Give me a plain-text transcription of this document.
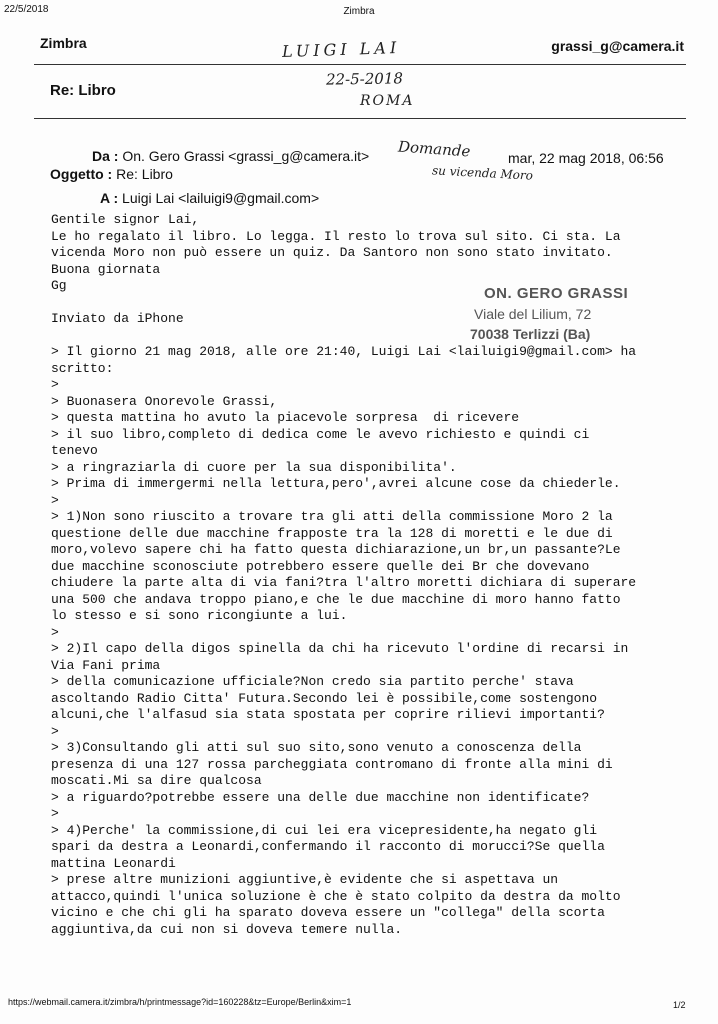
22/5/2018	Zimbra
Zimbra	grassi_g@camera.it
LUIGI LAI
22-5-2018
ROMA
Re: Libro
Da : On. Gero Grassi <grassi_g@camera.it>	mar, 22 mag 2018, 06:56
Domande
su vicenda Moro
Oggetto : Re: Libro
A : Luigi Lai <lailuigi9@gmail.com>
ON. GERO GRASSI
Viale del Lilium, 72
70038 Terlizzi (Ba)
Gentile signor Lai,
Le ho regalato il libro. Lo legga. Il resto lo trova sul sito. Ci sta. La
vicenda Moro non può essere un quiz. Da Santoro non sono stato invitato.
Buona giornata
Gg

Inviato da iPhone

> Il giorno 21 mag 2018, alle ore 21:40, Luigi Lai <lailuigi9@gmail.com> ha
scritto:
>
> Buonasera Onorevole Grassi,
> questa mattina ho avuto la piacevole sorpresa  di ricevere
> il suo libro,completo di dedica come le avevo richiesto e quindi ci
tenevo
> a ringraziarla di cuore per la sua disponibilita'.
> Prima di immergermi nella lettura,pero',avrei alcune cose da chiederle.
>
> 1)Non sono riuscito a trovare tra gli atti della commissione Moro 2 la
questione delle due macchine frapposte tra la 128 di moretti e le due di
moro,volevo sapere chi ha fatto questa dichiarazione,un br,un passante?Le
due macchine sconosciute potrebbero essere quelle dei Br che dovevano
chiudere la parte alta di via fani?tra l'altro moretti dichiara di superare
una 500 che andava troppo piano,e che le due macchine di moro hanno fatto
lo stesso e si sono ricongiunte a lui.
>
> 2)Il capo della digos spinella da chi ha ricevuto l'ordine di recarsi in
Via Fani prima
> della comunicazione ufficiale?Non credo sia partito perche' stava
ascoltando Radio Citta' Futura.Secondo lei è possibile,come sostengono
alcuni,che l'alfasud sia stata spostata per coprire rilievi importanti?
>
> 3)Consultando gli atti sul suo sito,sono venuto a conoscenza della
presenza di una 127 rossa parcheggiata contromano di fronte alla mini di
moscati.Mi sa dire qualcosa
> a riguardo?potrebbe essere una delle due macchine non identificate?
>
> 4)Perche' la commissione,di cui lei era vicepresidente,ha negato gli
spari da destra a Leonardi,confermando il racconto di morucci?Se quella
mattina Leonardi
> prese altre munizioni aggiuntive,è evidente che si aspettava un
attacco,quindi l'unica soluzione è che è stato colpito da destra da molto
vicino e che chi gli ha sparato doveva essere un "collega" della scorta
aggiuntiva,da cui non si doveva temere nulla.
https://webmail.camera.it/zimbra/h/printmessage?id=160228&tz=Europe/Berlin&xim=1	1/2
